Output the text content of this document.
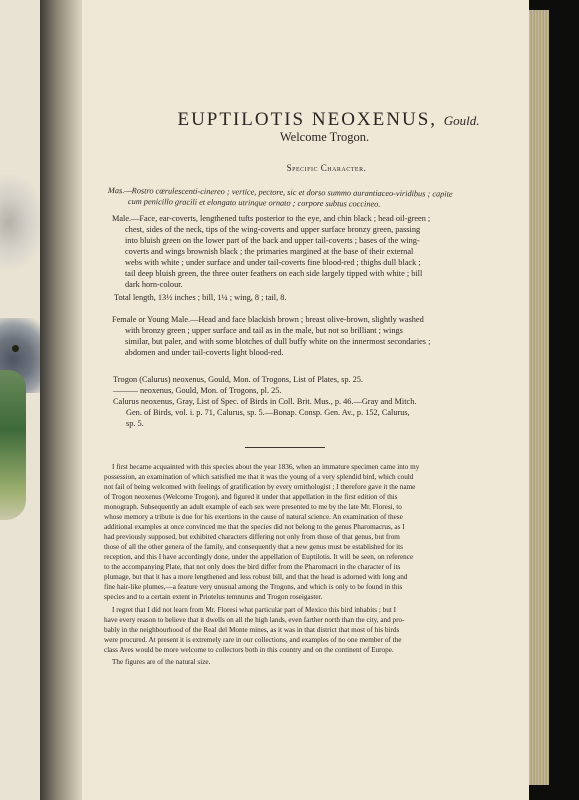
EUPTILOTIS NEOXENUS, Gould.
Welcome Trogon.
Specific Character.
Mas.—Rostro cœrulescenti-cinereo ; vertice, pectore, sic et dorso summo aurantiaceo-viridibus ; capite
cum penicillo gracili et elongato utrinque ornato ; corpore subtus coccineo.
Male.—Face, ear-coverts, lengthened tufts posterior to the eye, and chin black ; head oil-green ;
chest, sides of the neck, tips of the wing-coverts and upper surface bronzy green, passing
into bluish green on the lower part of the back and upper tail-coverts ; bases of the wing-
coverts and wings brownish black ; the primaries margined at the base of their external
webs with white ; under surface and under tail-coverts fine blood-red ; thighs dull black ;
tail deep bluish green, the three outer feathers on each side largely tipped with white ; bill
dark horn-colour.
Total length, 13½ inches ; bill, 1¼ ; wing, 8 ; tail, 8.
Female or Young Male.—Head and face blackish brown ; breast olive-brown, slightly washed
with bronzy green ; upper surface and tail as in the male, but not so brilliant ; wings
similar, but paler, and with some blotches of dull buffy white on the innermost secondaries ;
abdomen and under tail-coverts light blood-red.
Trogon (Calurus) neoxenus, Gould, Mon. of Trogons, List of Plates, sp. 25.
——— neoxenus, Gould, Mon. of Trogons, pl. 25.
Calurus neoxenus, Gray, List of Spec. of Birds in Coll. Brit. Mus., p. 46.—Gray and Mitch.
Gen. of Birds, vol. i. p. 71, Calurus, sp. 5.—Bonap. Consp. Gen. Av., p. 152, Calurus,
sp. 5.
I first became acquainted with this species about the year 1836, when an immature specimen came into my
possession, an examination of which satisfied me that it was the young of a very splendid bird, which could
not fail of being welcomed with feelings of gratification by every ornithologist ; I therefore gave it the name
of Trogon neoxenus (Welcome Trogon), and figured it under that appellation in the first edition of this
monograph. Subsequently an adult example of each sex were presented to me by the late Mr. Floresi, to
whose memory a tribute is due for his exertions in the cause of natural science. An examination of these
additional examples at once convinced me that the species did not belong to the genus Pharomacrus, as I
had previously supposed, but exhibited characters differing not only from those of that genus, but from
those of all the other genera of the family, and consequently that a new genus must be established for its
reception, and this I have accordingly done, under the appellation of Euptilotis. It will be seen, on reference
to the accompanying Plate, that not only does the bird differ from the Pharomacri in the character of its
plumage, but that it has a more lengthened and less robust bill, and that the head is adorned with long and
fine hair-like plumes,—a feature very unusual among the Trogons, and which is only to be found in this
species and to a certain extent in Priotelus temnurus and Trogon roseigaster.
I regret that I did not learn from Mr. Floresi what particular part of Mexico this bird inhabits ; but I
have every reason to believe that it dwells on all the high lands, even farther north than the city, and pro-
bably in the neighbourhood of the Real del Monte mines, as it was in that district that most of his birds
were procured. At present it is extremely rare in our collections, and examples of no one member of the
class Aves would be more welcome to collectors both in this country and on the continent of Europe.
The figures are of the natural size.
